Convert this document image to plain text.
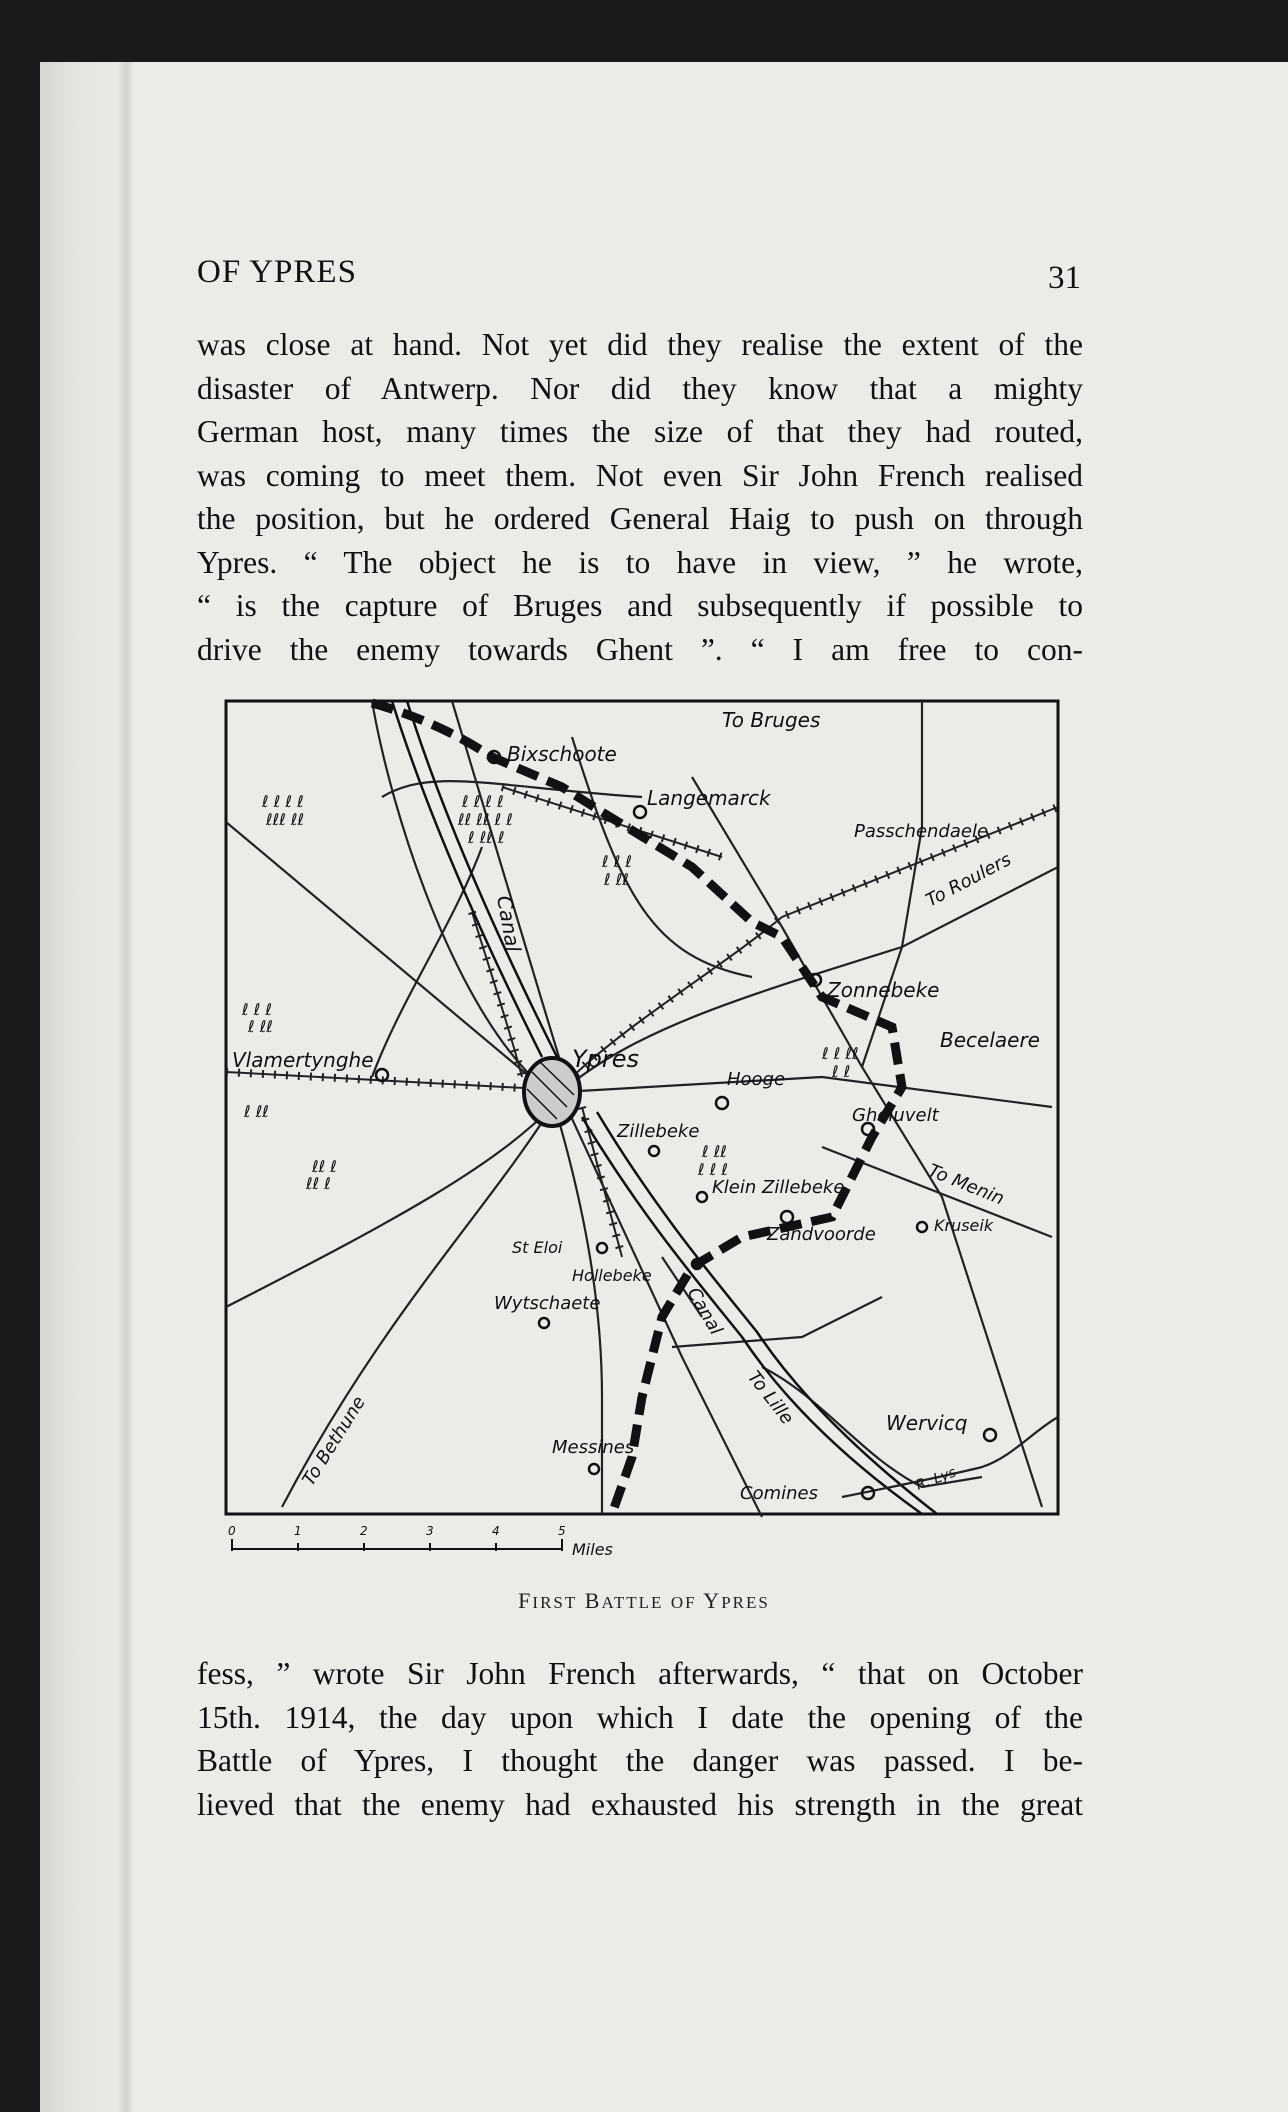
OF YPRES	31
was close at hand. Not yet did they realise the extent of the
disaster of Antwerp. Nor did they know that a mighty
German host, many times the size of that they had routed,
was coming to meet them. Not even Sir John French realised
the position, but he ordered General Haig to push on through
Ypres. “ The object he is to have in view, ” he wrote,
“ is the capture of Bruges and subsequently if possible to
drive the enemy towards Ghent ”. “ I am free to con-
ℓ ℓ ℓ ℓ
ℓℓℓ ℓℓ
ℓ ℓ ℓ ℓ
ℓℓ ℓℓ ℓ ℓ
ℓ ℓℓ ℓ
ℓ ℓ ℓ
ℓ ℓℓ
ℓ ℓ ℓ
ℓ ℓℓ
ℓ ℓℓ
ℓℓ ℓ
ℓℓ ℓ
ℓ ℓ ℓℓ
ℓ ℓ
ℓ ℓℓ
ℓ ℓ ℓ
Bixschoote
Langemarck
Passchendaele
Zonnebeke
Becelaere
Vlamertynghe	Ypres
Hooge
Gheluvelt
Zillebeke
Klein Zillebeke
Zandvoorde	Kruseik
St Eloi
Hollebeke
Wytschaete
Messines
Wervicq
Comines
To Bruges
To Roulers
To Menin
To Lille
To Bethune
Canal
Canal
R. Lys
0	1	2	3	4	5
Miles
FIRST BATTLE OF YPRES
fess, ” wrote Sir John French afterwards, “ that on October
15th. 1914, the day upon which I date the opening of the
Battle of Ypres, I thought the danger was passed. I be-
lieved that the enemy had exhausted his strength in the great
